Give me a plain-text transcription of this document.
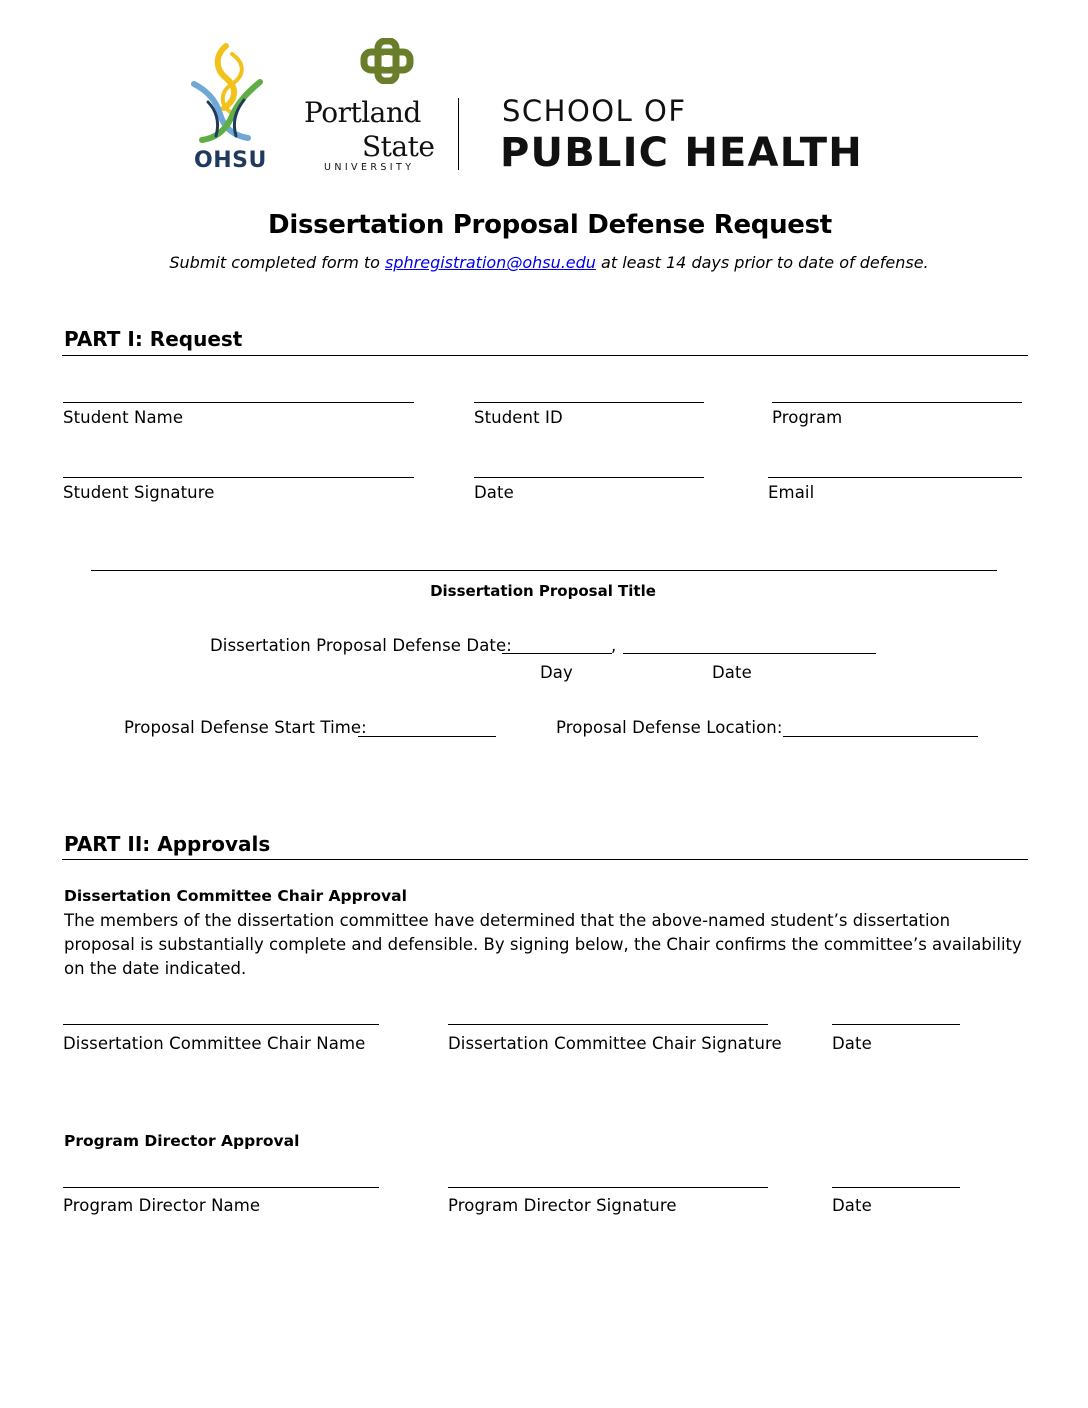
OHSU
Portland
State
UNIVERSITY
SCHOOL OF
PUBLIC HEALTH
Dissertation Proposal Defense Request
Submit completed form to sphregistration@ohsu.edu at least 14 days prior to date of defense.
PART I: Request
Student Name	Student ID	Program
Student Signature	Date	Email
Dissertation Proposal Title
Dissertation Proposal Defense Date:	,
Day	Date
Proposal Defense Start Time:	Proposal Defense Location:
PART II: Approvals
Dissertation Committee Chair Approval
The members of the dissertation committee have determined that the above-named student’s dissertation proposal is substantially complete and defensible. By signing below, the Chair confirms the committee’s availability on the date indicated.
Dissertation Committee Chair Name	Dissertation Committee Chair Signature	Date
Program Director Approval
Program Director Name	Program Director Signature	Date
